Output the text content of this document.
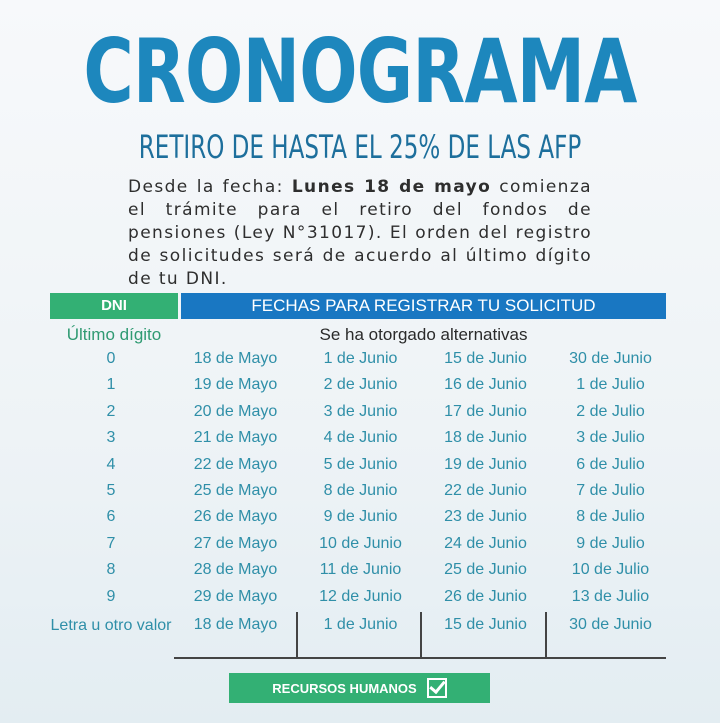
CRONOGRAMA
RETIRO DE HASTA EL 25% DE LAS AFP
Desde la fecha: Lunes 18 de mayo comienza el trámite para el retiro del fondos de pensiones (Ley N°31017). El orden del registro de solicitudes será de acuerdo al último dígito de tu DNI.
DNI	FECHAS PARA REGISTRAR TU SOLICITUD
Último dígito	Se ha otorgado alternativas
0	18 de Mayo	1 de Junio	15 de Junio	30 de Junio
1	19 de Mayo	2 de Junio	16 de Junio	1 de Julio
2	20 de Mayo	3 de Junio	17 de Junio	2 de Julio
3	21 de Mayo	4 de Junio	18 de Junio	3 de Julio
4	22 de Mayo	5 de Junio	19 de Junio	6 de Julio
5	25 de Mayo	8 de Junio	22 de Junio	7 de Julio
6	26 de Mayo	9 de Junio	23 de Junio	8 de Julio
7	27 de Mayo	10 de Junio	24 de Junio	9 de Julio
8	28 de Mayo	11 de Junio	25 de Junio	10 de Julio
9	29 de Mayo	12 de Junio	26 de Junio	13 de Julio
Letra u otro valor	18 de Mayo	1 de Junio	15 de Junio	30 de Junio
RECURSOS HUMANOS
